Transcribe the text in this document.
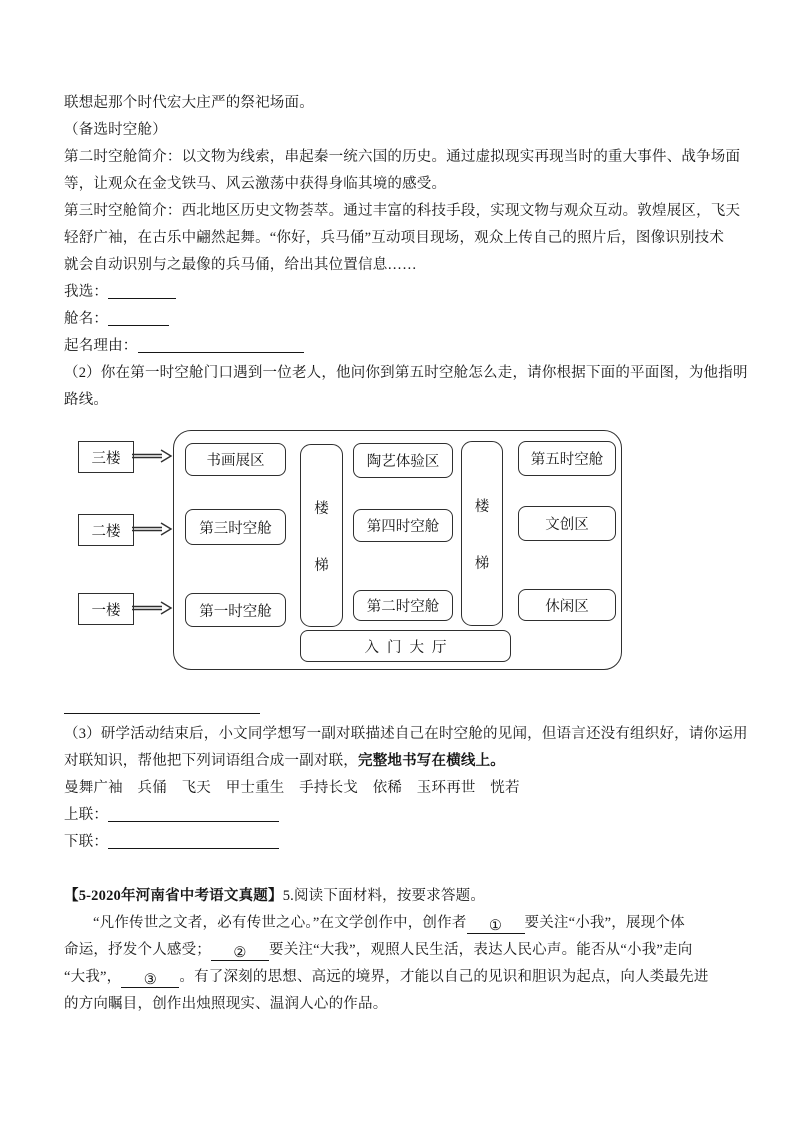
联想起那个时代宏大庄严的祭祀场面。
（备选时空舱）
第二时空舱简介：以文物为线索，串起秦一统六国的历史。通过虚拟现实再现当时的重大事件、战争场面
等，让观众在金戈铁马、风云激荡中获得身临其境的感受。
第三时空舱简介：西北地区历史文物荟萃。通过丰富的科技手段，实现文物与观众互动。敦煌展区，飞天
轻舒广袖，在古乐中翩然起舞。“你好，兵马俑”互动项目现场，观众上传自己的照片后，图像识别技术
就会自动识别与之最像的兵马俑，给出其位置信息……
我选：
舱名：
起名理由：
（2）你在第一时空舱门口遇到一位老人，他问你到第五时空舱怎么走，请你根据下面的平面图，为他指明
路线。
三楼
二楼
一楼
书画展区
第三时空舱
第一时空舱
楼
梯
陶艺体验区
第四时空舱
第二时空舱
楼
梯
第五时空舱
文创区
休闲区
入门大厅
（3）研学活动结束后，小文同学想写一副对联描述自己在时空舱的见闻，但语言还没有组织好，请你运用
对联知识，帮他把下列词语组合成一副对联，完整地书写在横线上。
曼舞广袖　兵俑　飞天　甲士重生　手持长戈　依稀　玉环再世　恍若
上联：
下联：

【5-2020年河南省中考语文真题】5.阅读下面材料，按要求答题。
“凡作传世之文者，必有传世之心。”在文学创作中，创作者 ① 要关注“小我”，展现个体
命运，抒发个人感受； ② 要关注“大我”，观照人民生活，表达人民心声。能否从“小我”走向
“大我”， ③ 。有了深刻的思想、高远的境界，才能以自己的见识和胆识为起点，向人类最先进
的方向瞩目，创作出烛照现实、温润人心的作品。
